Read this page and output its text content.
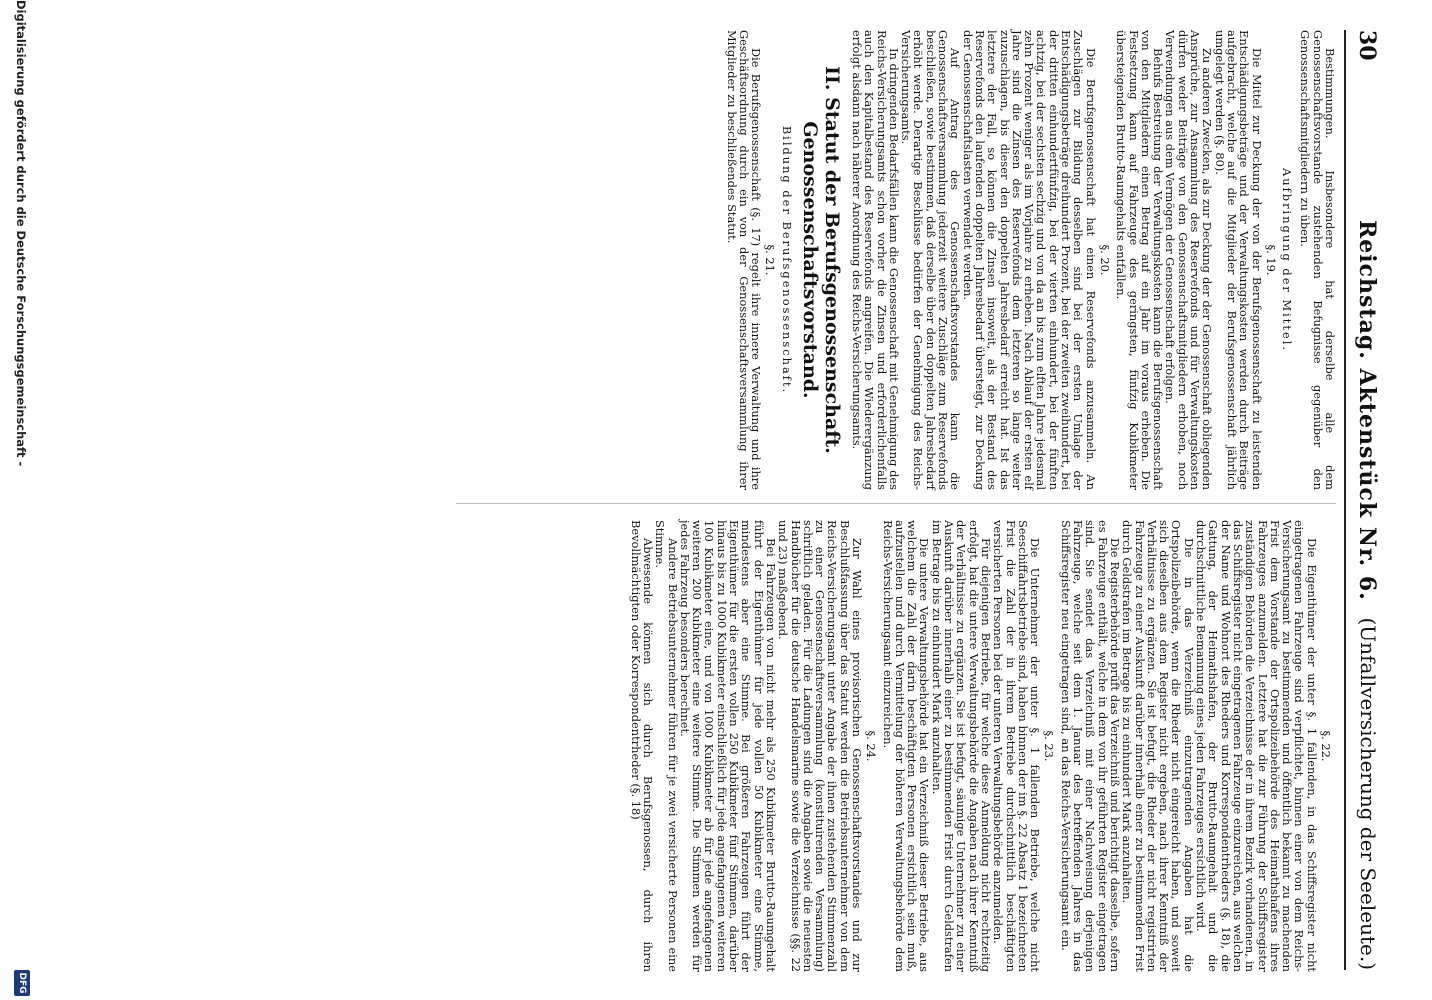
30
Reichstag. Aktenstück Nr. 6.
(Unfallversicherung der Seeleute.)

Bestimmungen. Insbesondere hat derselbe alle dem Genossenschaftsvorstande zustehenden Befugnisse gegenüber den Genossenschaftsmitgliedern zu üben.

Aufbringung der Mittel.

§. 19.

Die Mittel zur Deckung der von der Berufsgenossenschaft zu leistenden Entschädigungsbeträge und der Verwaltungskosten werden durch Beiträge aufgebracht, welche auf die Mitglieder der Berufsgenossenschaft jährlich umgelegt werden (§. 80).

Zu anderen Zwecken, als zur Deckung der der Genossenschaft obliegenden Ansprüche, zur Ansammlung des Reservefonds und für Verwaltungskosten dürfen weder Beiträge von den Genossenschaftsmitgliedern erhoben, noch Verwendungen aus dem Vermögen der Genossenschaft erfolgen.

Behufs Bestreitung der Verwaltungskosten kann die Berufsgenossenschaft von den Mitgliedern einen Betrag auf ein Jahr im voraus erheben. Die Festsetzung kann auf Fahrzeuge des geringsten, fünfzig Kubikmeter übersteigenden Brutto-Raumgehalts entfallen.

§. 20.

Die Berufsgenossenschaft hat einen Reservefonds anzusammeln. An Zuschlägen zur Bildung desselben sind bei der ersten Umlage der Entschädigungsbeträge dreihundert Prozent, bei der zweiten zweihundert, bei der dritten einhundertfünfzig, bei der vierten einhundert, bei der fünften achtzig, bei der sechsten sechzig und von da an bis zum elften Jahre jedesmal zehn Prozent weniger als im Vorjahre zu erheben. Nach Ablauf der ersten elf Jahre sind die Zinsen des Reservefonds dem letzteren so lange weiter zuzuschlagen, bis dieser den doppelten Jahresbedarf erreicht hat. Ist das letztere der Fall, so können die Zinsen insoweit, als der Bestand des Reservefonds den laufenden doppelten Jahresbedarf übersteigt, zur Deckung der Genossenschaftslasten verwendet werden.

Auf Antrag des Genossenschaftsvorstandes kann die Genossenschaftsversammlung jederzeit weitere Zuschläge zum Reservefonds beschließen, sowie bestimmen, daß derselbe über den doppelten Jahresbedarf erhöht werde. Derartige Beschlüsse bedürfen der Genehmigung des Reichs-Versicherungsamts.

In dringenden Bedarfsfällen kann die Genossenschaft mit Genehmigung des Reichs-Versicherungsamts schon vorher die Zinsen und erforderlichenfalls auch den Kapitalbestand des Reservefonds angreifen. Die Wiederergänzung erfolgt alsdann nach näherer Anordnung des Reichs-Versicherungsamts.

II. Statut der Berufsgenossenschaft. Genossenschaftsvorstand.

Bildung der Berufsgenossenschaft.

§. 21.

Die Berufsgenossenschaft (§. 17) regelt ihre innere Verwaltung und ihre Geschäftsordnung durch ein von der Genossenschaftsversammlung ihrer Mitglieder zu beschließendes Statut.

§. 22.

Die Eigenthümer der unter §. 1 fallenden, in das Schiffsregister nicht eingetragenen Fahrzeuge sind verpflichtet, binnen einer von dem Reichs-Versicherungsamt zu bestimmenden und öffentlich bekannt zu machenden Frist dem Vorstande der Ortspolizeibehörde des Heimathshafens ihres Fahrzeuges anzumelden. Letztere hat die zur Führung der Schiffsregister zuständigen Behörden die Verzeichnisse der in ihrem Bezirk vorhandenen, in das Schiffsregister nicht eingetragenen Fahrzeuge einzureichen, aus welchen der Name und Wohnort des Rheders und Korrespondentrheders (§. 18), die Gattung, der Heimathshafen, der Brutto-Raumgehalt und die durchschnittliche Bemannung eines jeden Fahrzeuges ersichtlich wird.

Die in das Verzeichniß einzutragenden Angaben hat die Ortspolizeibehörde, wenn die Rheder nicht eingereicht haben, und soweit sich dieselben aus dem Register nicht ergeben, nach ihrer Kenntniß der Verhältnisse zu ergänzen. Sie ist befugt, die Rheder der nicht registrirten Fahrzeuge zu einer Auskunft darüber innerhalb einer zu bestimmenden Frist durch Geldstrafen im Betrage bis zu einhundert Mark anzuhalten.

Die Registerbehörde prüft das Verzeichniß und berichtigt dasselbe, sofern es Fahrzeuge enthält, welche in dem von ihr geführten Register eingetragen sind. Sie sendet das Verzeichniß mit einer Nachweisung derjenigen Fahrzeuge, welche seit dem 1. Januar des betreffenden Jahres in das Schiffsregister neu eingetragen sind, an das Reichs-Versicherungsamt ein.

§. 23.

Die Unternehmer der unter §. 1 fallenden Betriebe, welche nicht Seeschiffahrtsbetriebe sind, haben binnen der im §. 22 Absatz 1 bezeichneten Frist die Zahl der in ihrem Betriebe durchschnittlich beschäftigten versicherten Personen bei der unteren Verwaltungsbehörde anzumelden.

Für diejenigen Betriebe, für welche diese Anmeldung nicht rechtzeitig erfolgt, hat die untere Verwaltungsbehörde die Angaben nach ihrer Kenntniß der Verhältnisse zu ergänzen. Sie ist befugt, säumige Unternehmer zu einer Auskunft darüber innerhalb einer zu bestimmenden Frist durch Geldstrafen im Betrage bis zu einhundert Mark anzuhalten.

Die untere Verwaltungsbehörde hat ein Verzeichniß dieser Betriebe, aus welchem die Zahl der darin beschäftigten Personen ersichtlich sein muß, aufzustellen und durch Vermittelung der höheren Verwaltungsbehörde dem Reichs-Versicherungsamt einzureichen.

§. 24.

Zur Wahl eines provisorischen Genossenschaftsvorstandes und zur Beschlußfassung über das Statut werden die Betriebsunternehmer von dem Reichs-Versicherungsamt unter Angabe der ihnen zustehenden Stimmenzahl zu einer Genossenschaftsversammlung (konstituirenden Versammlung) schriftlich geladen. Für die Ladungen sind die Angaben sowie die neuesten Handbücher für die deutsche Handelsmarine sowie die Verzeichnisse (§§. 22 und 23) maßgebend.

Bei Fahrzeugen von nicht mehr als 250 Kubikmeter Brutto-Raumgehalt führt der Eigenthümer für jede vollen 50 Kubikmeter eine Stimme, mindestens aber eine Stimme. Bei größeren Fahrzeugen führt der Eigenthümer für die ersten vollen 250 Kubikmeter fünf Stimmen, darüber hinaus bis zu 1000 Kubikmeter einschließlich für jede angefangenen weiteren 100 Kubikmeter eine, und von 1000 Kubikmeter ab für jede angefangenen weiteren 200 Kubikmeter eine weitere Stimme. Die Stimmen werden für jedes Fahrzeug besonders berechnet.

Andere Betriebsunternehmer führen für je zwei versicherte Personen eine Stimme.

Abwesende können sich durch Berufsgenossen, durch ihren Bevollmächtigten oder Korrespondentrheder (§. 18)

Digitalisierung gefördert durch die Deutsche Forschungsgemeinschaft -
DFG
